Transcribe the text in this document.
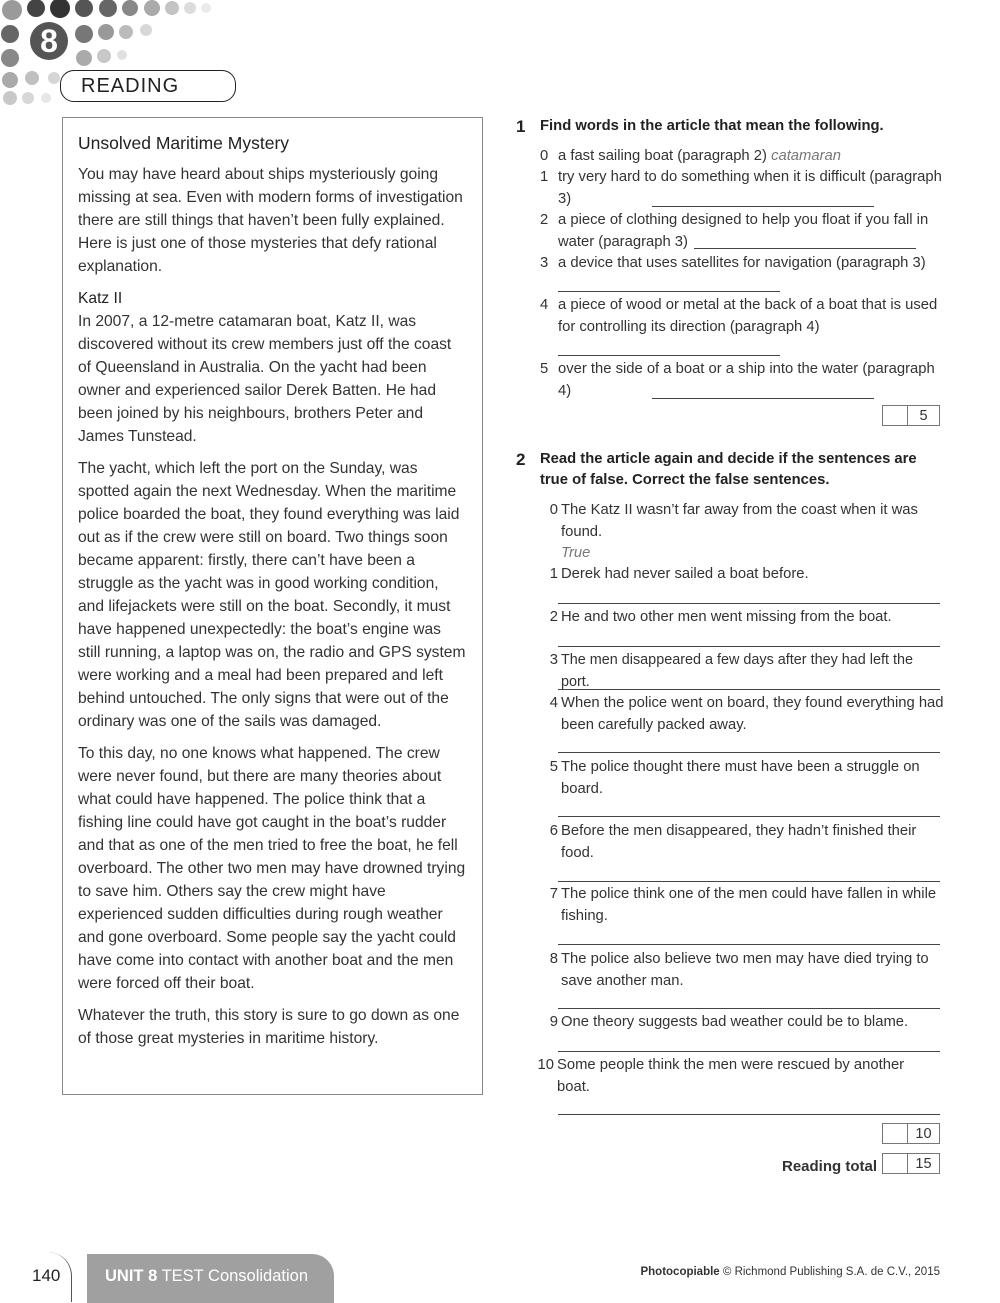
8
READING
Unsolved Maritime Mystery

You may have heard about ships mysteriously going missing at sea. Even with modern forms of investigation there are still things that haven’t been fully explained. Here is just one of those mysteries that defy rational explanation.

Katz II

In 2007, a 12-metre catamaran boat, Katz II, was discovered without its crew members just off the coast of Queensland in Australia. On the yacht had been owner and experienced sailor Derek Batten. He had been joined by his neighbours, brothers Peter and James Tunstead.

The yacht, which left the port on the Sunday, was spotted again the next Wednesday. When the maritime police boarded the boat, they found everything was laid out as if the crew were still on board. Two things soon became apparent: firstly, there can’t have been a struggle as the yacht was in good working condition, and lifejackets were still on the boat. Secondly, it must have happened unexpectedly: the boat’s engine was still running, a laptop was on, the radio and GPS system were working and a meal had been prepared and left behind untouched. The only signs that were out of the ordinary was one of the sails was damaged.

To this day, no one knows what happened. The crew were never found, but there are many theories about what could have happened. The police think that a fishing line could have got caught in the boat’s rudder and that as one of the men tried to free the boat, he fell overboard. The other two men may have drowned trying to save him. Others say the crew might have experienced sudden difficulties during rough weather and gone overboard. Some people say the yacht could have come into contact with another boat and the men were forced off their boat.

Whatever the truth, this story is sure to go down as one of those great mysteries in maritime history.

1 Find words in the article that mean the following.
0 a fast sailing boat (paragraph 2) catamaran
1 try very hard to do something when it is difficult (paragraph 3)
2 a piece of clothing designed to help you float if you fall in water (paragraph 3)
3 a device that uses satellites for navigation (paragraph 3)
4 a piece of wood or metal at the back of a boat that is used for controlling its direction (paragraph 4)
5 over the side of a boat or a ship into the water (paragraph 4)
5
2 Read the article again and decide if the sentences are true of false. Correct the false sentences.
0 The Katz II wasn’t far away from the coast when it was found.
True
1 Derek had never sailed a boat before.
2 He and two other men went missing from the boat.
3 The men disappeared a few days after they had left the port.
4 When the police went on board, they found everything had been carefully packed away.
5 The police thought there must have been a struggle on board.
6 Before the men disappeared, they hadn’t finished their food.
7 The police think one of the men could have fallen in while fishing.
8 The police also believe two men may have died trying to save another man.
9 One theory suggests bad weather could be to blame.
10 Some people think the men were rescued by another boat.
10
Reading total	15
140	UNIT 8 TEST Consolidation	Photocopiable © Richmond Publishing S.A. de C.V., 2015
